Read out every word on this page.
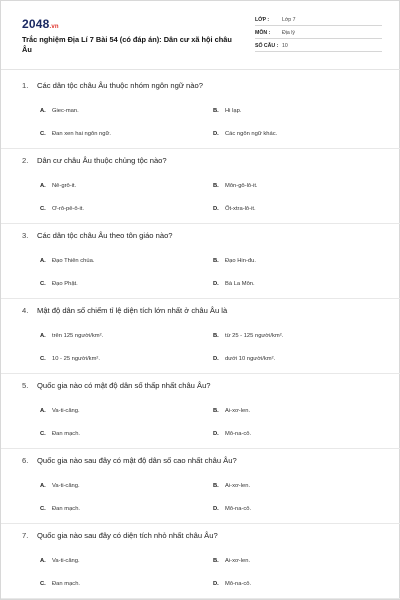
2048.vn
Trắc nghiệm Địa Lí 7 Bài 54 (có đáp án): Dân cư xã hội châu Âu
LỚP : Lớp 7
MÔN : Địa lý
SỐ CÂU : 10
1. Các dân tộc châu Âu thuộc nhóm ngôn ngữ nào?
A. Giec-man.	B. Hi lạp.
C. Đan xen hai ngôn ngữ.	D. Các ngôn ngữ khác.
2. Dân cư châu Âu thuộc chủng tộc nào?
A. Nê-grô-it.	B. Môn-gô-lô-it.
C. Ơ-rô-pê-ô-it.	D. Ốt-xtra-lô-it.
3. Các dân tộc châu Âu theo tôn giáo nào?
A. Đạo Thiên chúa.	B. Đạo Hin-đu.
C. Đạo Phật.	D. Bà La Môn.
4. Mật độ dân số chiếm tỉ lệ diện tích lớn nhất ở châu Âu là
A. trên 125 người/km².	B. từ 25 - 125 người/km².
C. 10 - 25 người/km².	D. dưới 10 người/km².
5. Quốc gia nào có mật độ dân số thấp nhất châu Âu?
A. Va-ti-căng.	B. Ai-xơ-len.
C. Đan mạch.	D. Mô-na-cô.
6. Quốc gia nào sau đây có mật độ dân số cao nhất châu Âu?
A. Va-ti-căng.	B. Ai-xơ-len.
C. Đan mạch.	D. Mô-na-cô.
7. Quốc gia nào sau đây có diện tích nhỏ nhất châu Âu?
A. Va-ti-căng.	B. Ai-xơ-len.
C. Đan mạch.	D. Mô-na-cô.
